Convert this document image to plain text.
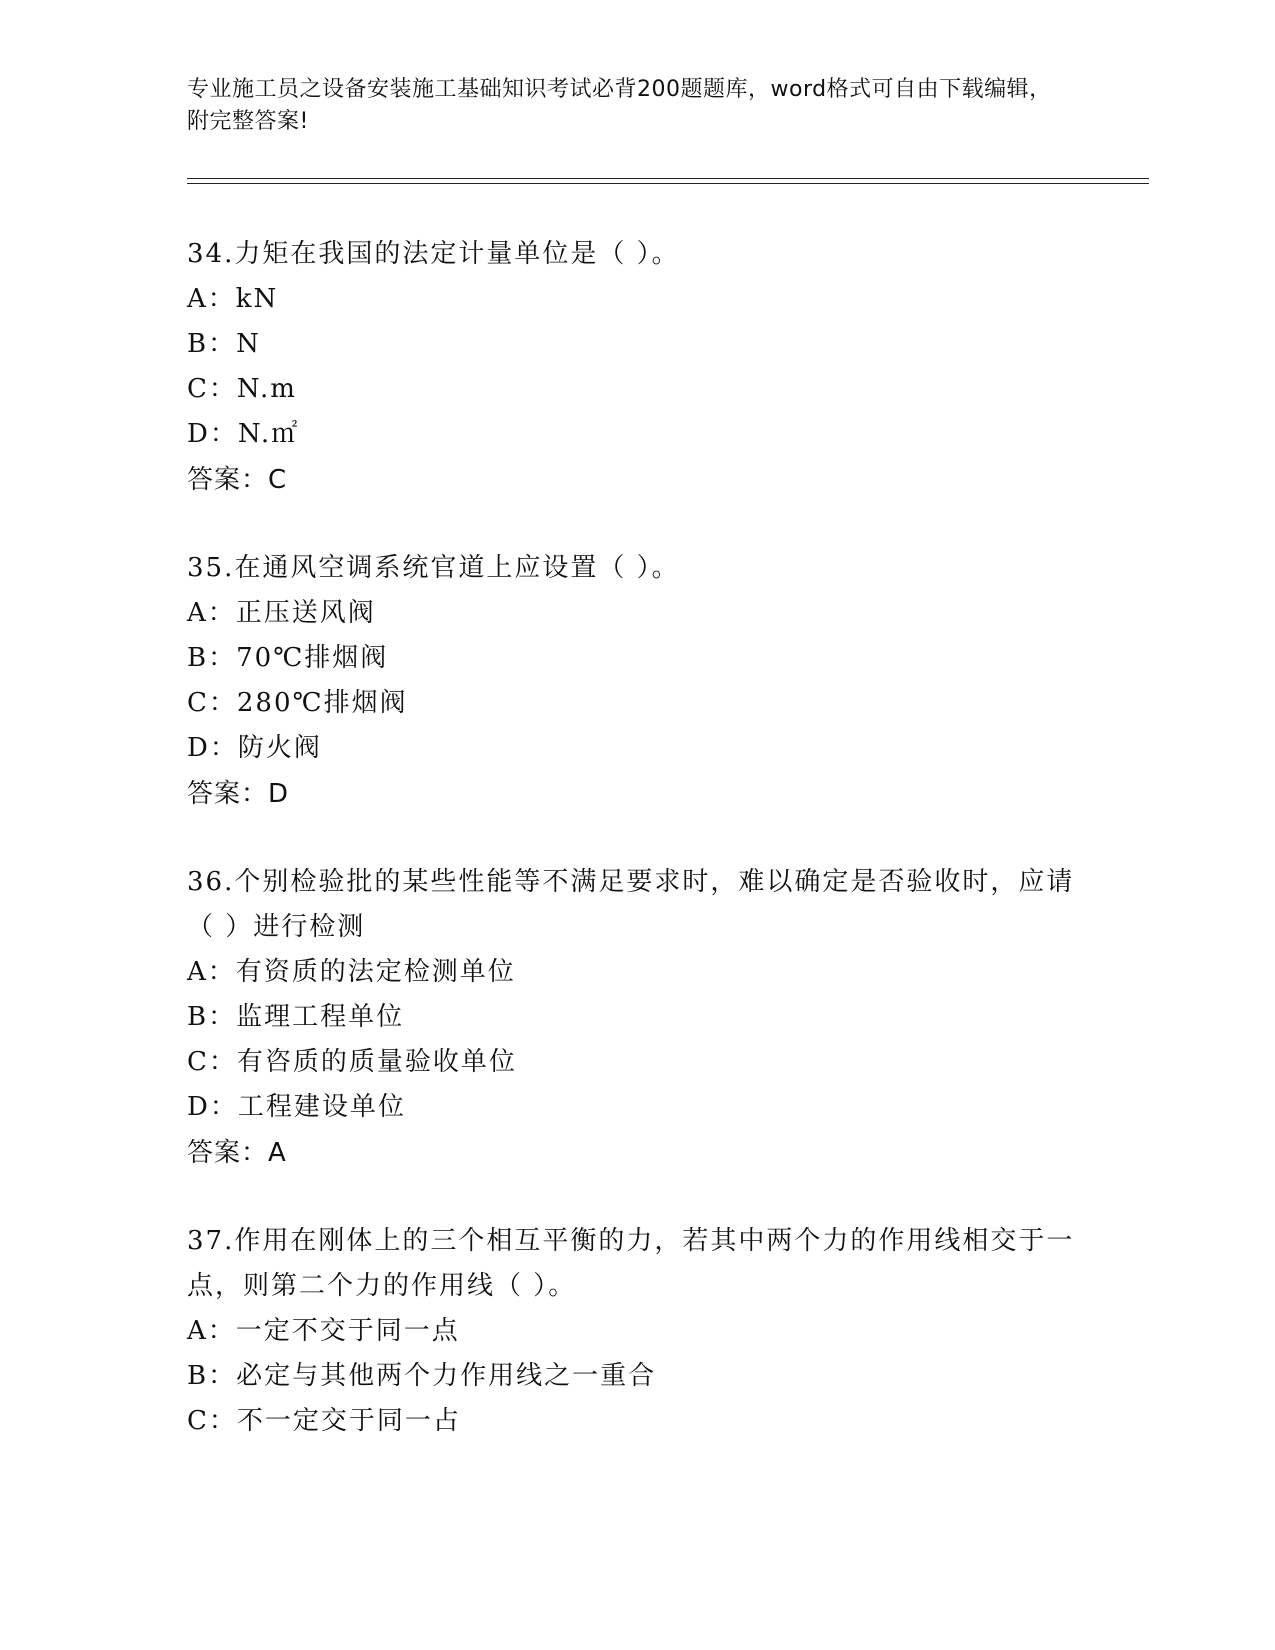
专业施工员之设备安装施工基础知识考试必背200题题库，word格式可自由下载编辑，附完整答案!
34.力矩在我国的法定计量单位是（ ）。
A：kN
B：N
C：N.m
D：N.㎡
答案：C
35.在通风空调系统官道上应设置（ ）。
A：正压送风阀
B：70℃排烟阀
C：280℃排烟阀
D：防火阀
答案：D
36.个别检验批的某些性能等不满足要求时，难以确定是否验收时，应请（ ）进行检测
A：有资质的法定检测单位
B：监理工程单位
C：有咨质的质量验收单位
D：工程建设单位
答案：A
37.作用在刚体上的三个相互平衡的力，若其中两个力的作用线相交于一点，则第二个力的作用线（ ）。
A：一定不交于同一点
B：必定与其他两个力作用线之一重合
C：不一定交于同一占
